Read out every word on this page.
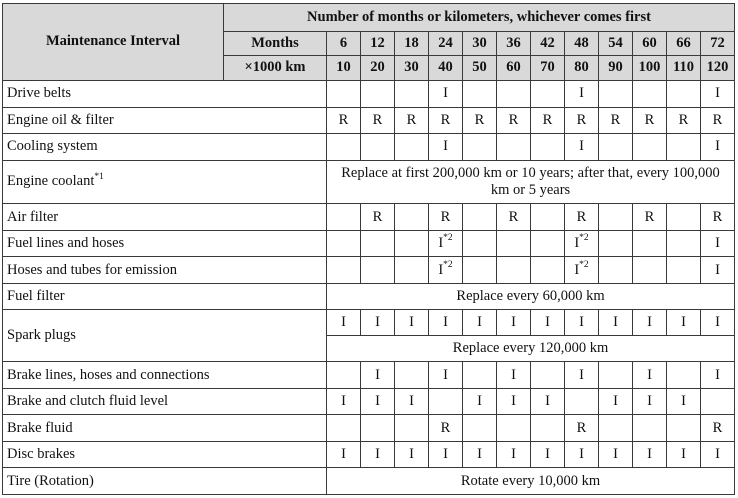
Maintenance Interval	Number of months or kilometers, whichever comes first												
	Months	6	12	18	24	30	36	42	48	54	60	66	72
	×1000 km	10	20	30	40	50	60	70	80	90	100	110	120
Drive belts					I				I				I
Engine oil & filter		R	R	R	R	R	R	R	R	R	R	R	R
Cooling system					I				I				I
Engine coolant$^{*1}$		Replace at first 200,000 km or 10 years; after that, every 100,000 km or 5 years											
Air filter			R		R		R		R		R		R
Fuel lines and hoses					$I^{*2}$				$I^{*2}$				I
Hoses and tubes for emission					$I^{*2}$				$I^{*2}$				I
Fuel filter		Replace every 60,000 km											
Spark plugs		I	I	I	I	I	I	I	I	I	I	I	I
		Replace every 120,000 km											
Brake lines, hoses and connections			I		I		I		I		I		I
Brake and clutch fluid level		I	I	I		I	I	I		I	I	I	
Brake fluid					R				R				R
Disc brakes		I	I	I	I	I	I	I	I	I	I	I	I
Tire (Rotation)		Rotate every 10,000 km											
